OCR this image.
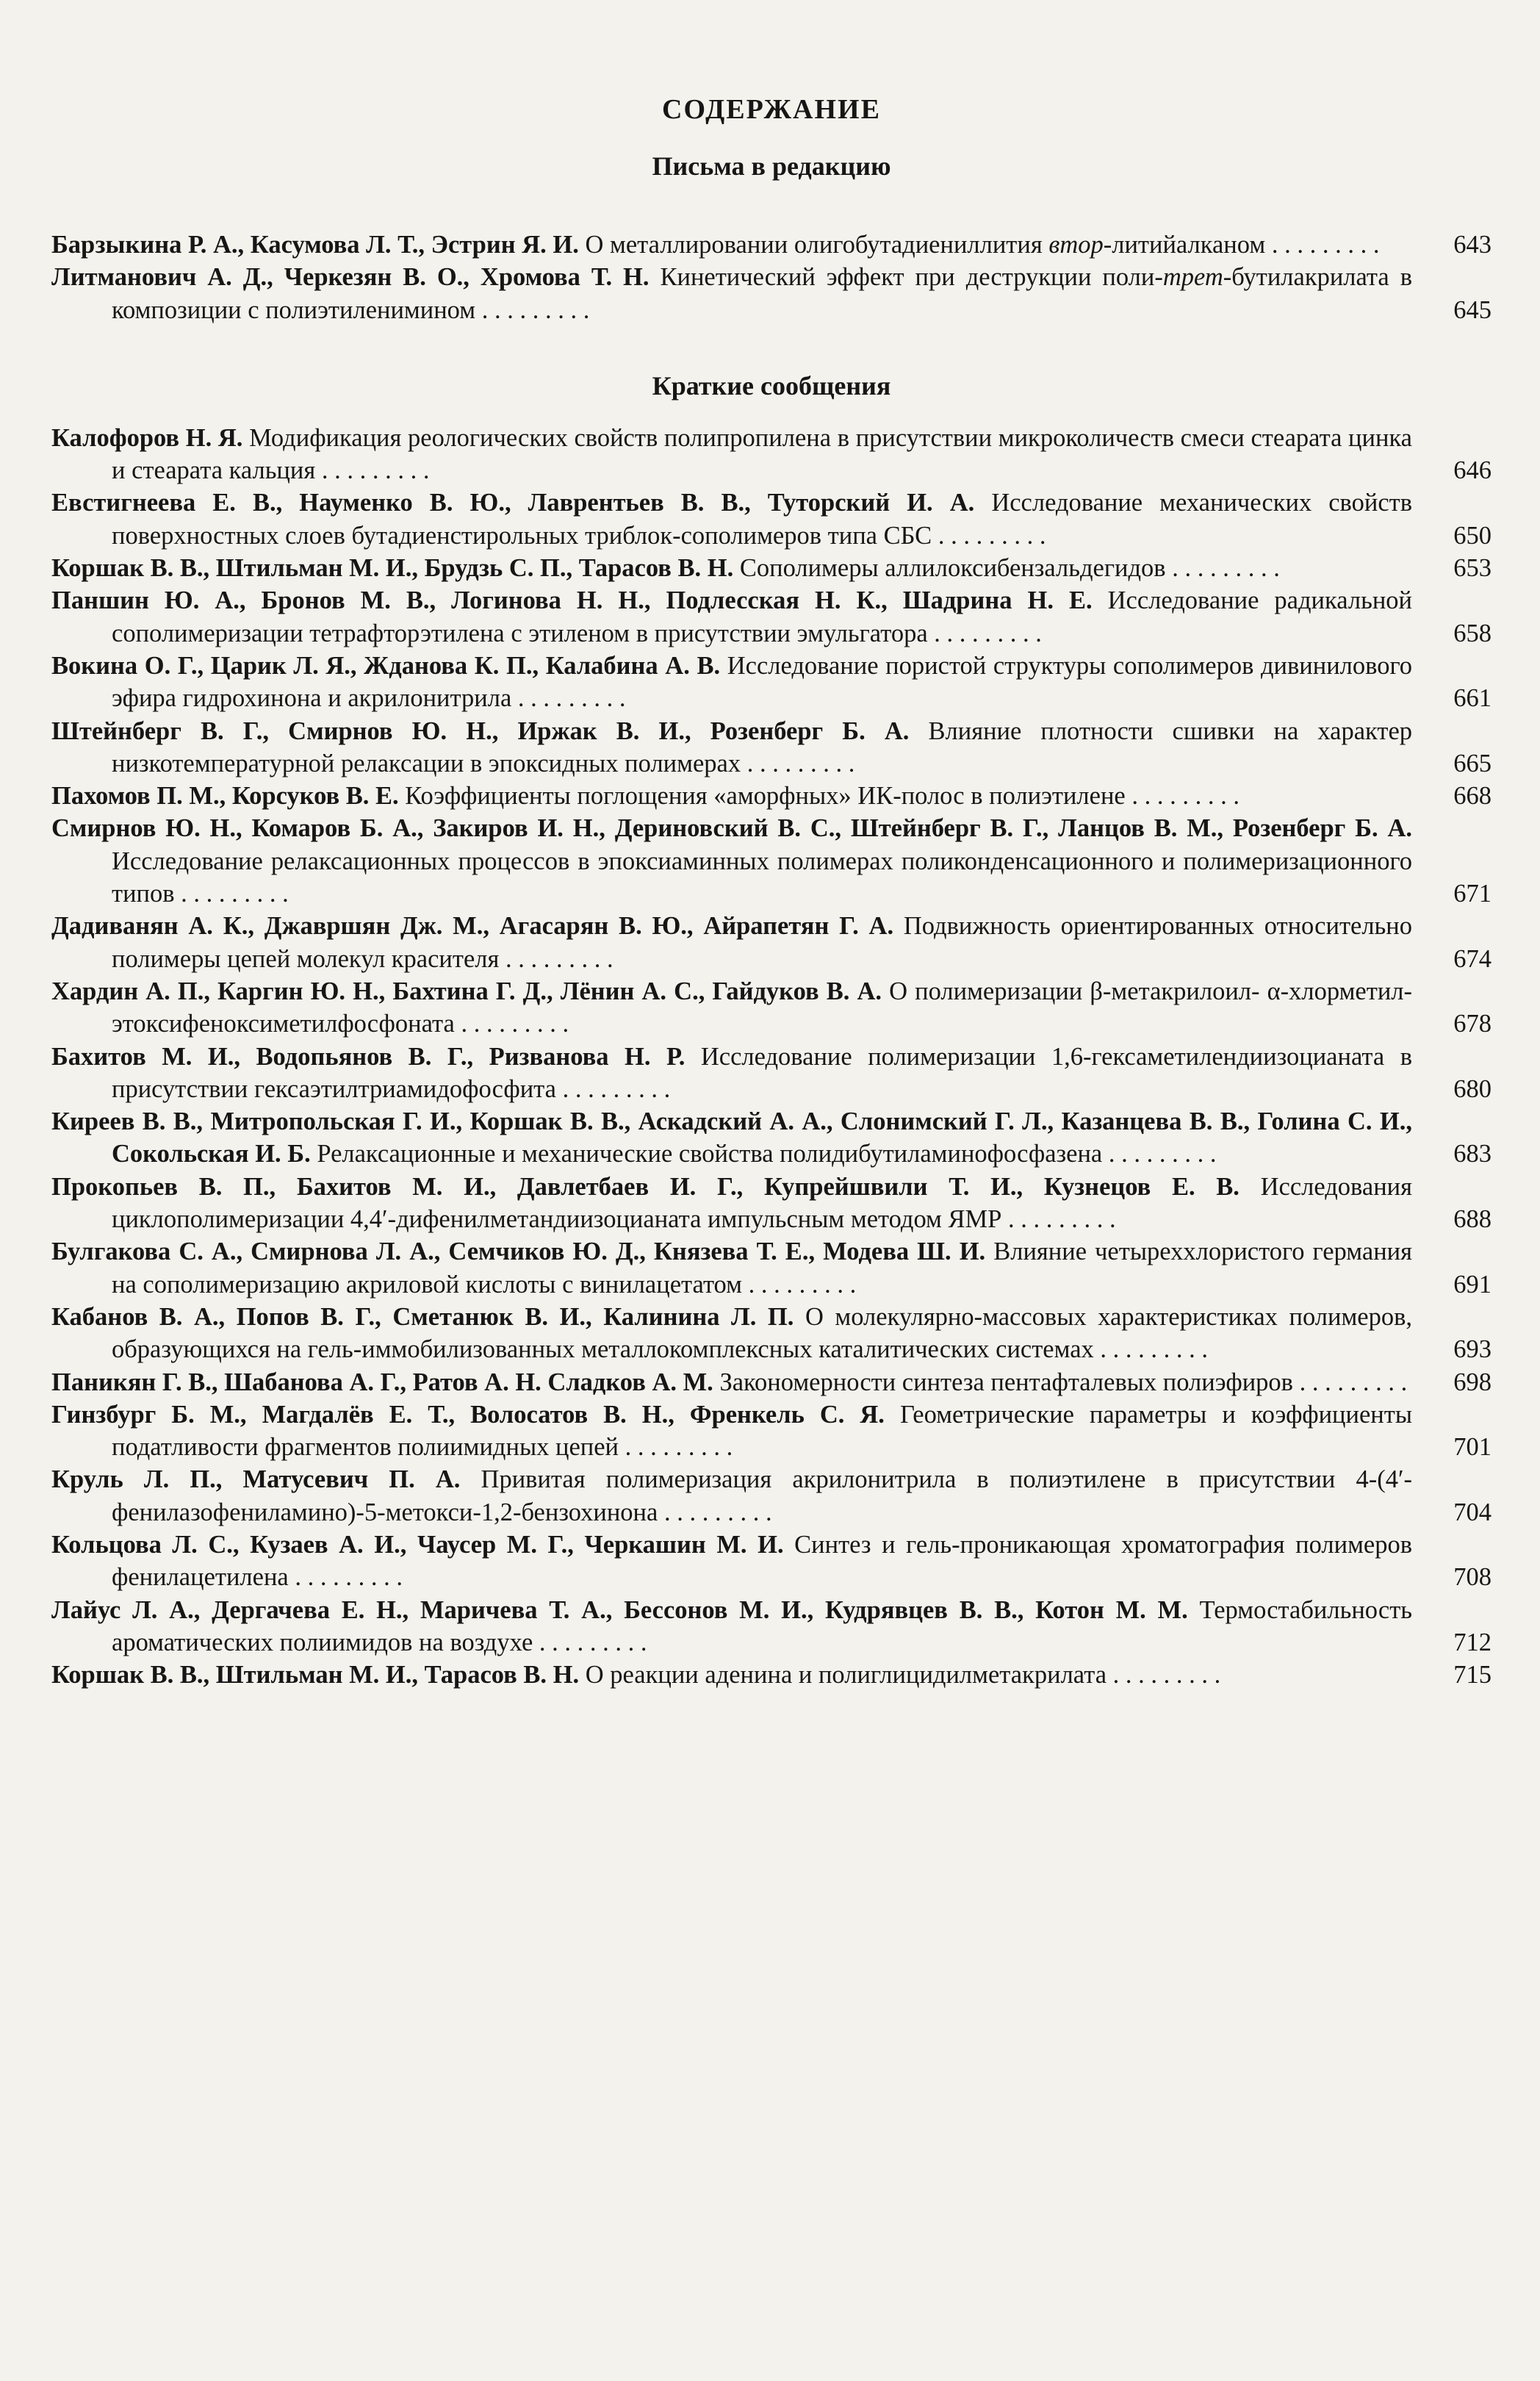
СОДЕРЖАНИЕ
Письма в редакцию
Барзыкина Р. А., Касумова Л. Т., Эстрин Я. И. О металлировании олигобутадиениллития втор-литийалканом . . . . . . . . .	643
Литманович А. Д., Черкезян В. О., Хромова Т. Н. Кинетический эффект при деструкции поли-трет-бутилакрилата в композиции с полиэтиленимином . . . . . . . . .	645
Краткие сообщения
Калофоров Н. Я. Модификация реологических свойств полипропилена в присутствии микроколичеств смеси стеарата цинка и стеарата кальция . . . . . . . . .	646
Евстигнеева Е. В., Науменко В. Ю., Лаврентьев В. В., Туторский И. А. Исследование механических свойств поверхностных слоев бутадиенстирольных триблок-сополимеров типа СБС . . . . . . . . .	650
Коршак В. В., Штильман М. И., Брудзь С. П., Тарасов В. Н. Сополимеры аллилоксибензальдегидов . . . . . . . . .	653
Паншин Ю. А., Бронов М. В., Логинова Н. Н., Подлесская Н. К., Шадрина Н. Е. Исследование радикальной сополимеризации тетрафторэтилена с этиленом в присутствии эмульгатора . . . . . . . . .	658
Вокина О. Г., Царик Л. Я., Жданова К. П., Калабина А. В. Исследование пористой структуры сополимеров дивинилового эфира гидрохинона и акрилонитрила . . . . . . . . .	661
Штейнберг В. Г., Смирнов Ю. Н., Иржак В. И., Розенберг Б. А. Влияние плотности сшивки на характер низкотемпературной релаксации в эпоксидных полимерах . . . . . . . . .	665
Пахомов П. М., Корсуков В. Е. Коэффициенты поглощения «аморфных» ИК-полос в полиэтилене . . . . . . . . .	668
Смирнов Ю. Н., Комаров Б. А., Закиров И. Н., Дериновский В. С., Штейнберг В. Г., Ланцов В. М., Розенберг Б. А. Исследование релаксационных процессов в эпоксиаминных полимерах поликонденсационного и полимеризационного типов . . . . . . . . .	671
Дадиванян А. К., Джавршян Дж. М., Агасарян В. Ю., Айрапетян Г. А. Подвижность ориентированных относительно полимеры цепей молекул красителя . . . . . . . . .	674
Хардин А. П., Каргин Ю. Н., Бахтина Г. Д., Лёнин А. С., Гайдуков В. А. О полимеризации β-метакрилоил- α-хлорметил-этоксифеноксиметилфосфоната . . . . . . . . .	678
Бахитов М. И., Водопьянов В. Г., Ризванова Н. Р. Исследование полимеризации 1,6-гексаметилендиизоцианата в присутствии гексаэтилтриамидофосфита . . . . . . . . .	680
Киреев В. В., Митропольская Г. И., Коршак В. В., Аскадский А. А., Слонимский Г. Л., Казанцева В. В., Голина С. И., Сокольская И. Б. Релаксационные и механические свойства полидибутиламинофосфазена . . . . . . . . .	683
Прокопьев В. П., Бахитов М. И., Давлетбаев И. Г., Купрейшвили Т. И., Кузнецов Е. В. Исследования циклополимеризации 4,4′-дифенилметандиизоцианата импульсным методом ЯМР . . . . . . . . .	688
Булгакова С. А., Смирнова Л. А., Семчиков Ю. Д., Князева Т. Е., Модева Ш. И. Влияние четыреххлористого германия на сополимеризацию акриловой кислоты с винилацетатом . . . . . . . . .	691
Кабанов В. А., Попов В. Г., Сметанюк В. И., Калинина Л. П. О молекулярно-массовых характеристиках полимеров, образующихся на гель-иммобилизованных металлокомплексных каталитических системах . . . . . . . . .	693
Паникян Г. В., Шабанова А. Г., Ратов А. Н. Сладков А. М. Закономерности синтеза пентафталевых полиэфиров . . . . . . . . .	698
Гинзбург Б. М., Магдалёв Е. Т., Волосатов В. Н., Френкель С. Я. Геометрические параметры и коэффициенты податливости фрагментов полиимидных цепей . . . . . . . . .	701
Круль Л. П., Матусевич П. А. Привитая полимеризация акрилонитрила в полиэтилене в присутствии 4-(4′-фенилазофениламино)-5-метокси-1,2-бензохинона . . . . . . . . .	704
Кольцова Л. С., Кузаев А. И., Чаусер М. Г., Черкашин М. И. Синтез и гель-проникающая хроматография полимеров фенилацетилена . . . . . . . . .	708
Лайус Л. А., Дергачева Е. Н., Маричева Т. А., Бессонов М. И., Кудрявцев В. В., Котон М. М. Термостабильность ароматических полиимидов на воздухе . . . . . . . . .	712
Коршак В. В., Штильман М. И., Тарасов В. Н. О реакции аденина и полиглицидилметакрилата . . . . . . . . .	715
